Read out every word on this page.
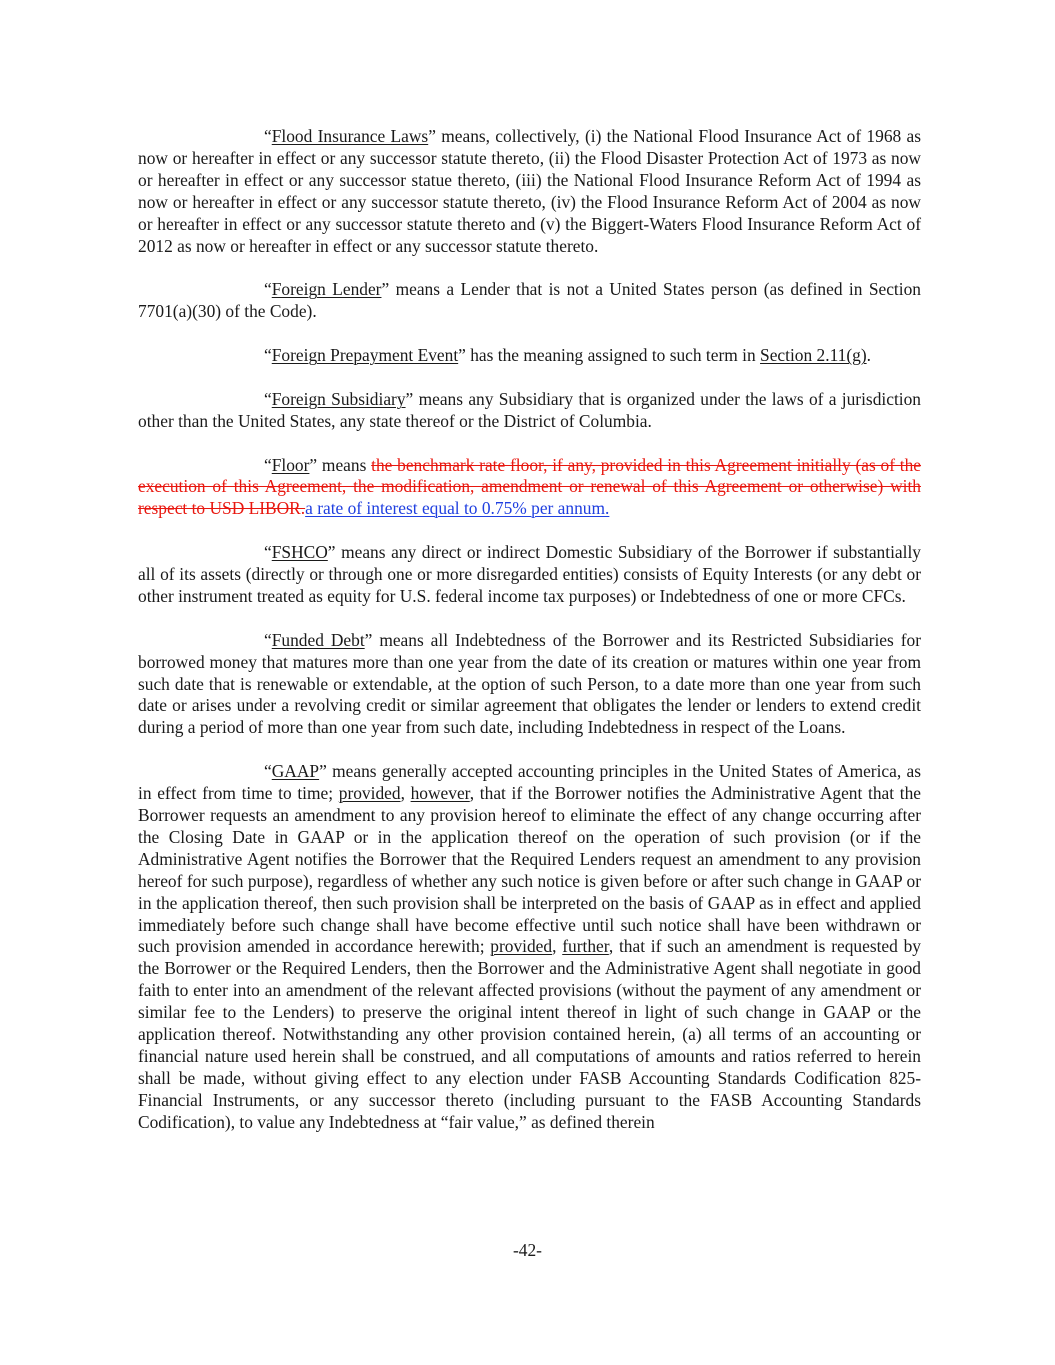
“Flood Insurance Laws” means, collectively, (i) the National Flood Insurance Act of 1968 as now or hereafter in effect or any successor statute thereto, (ii) the Flood Disaster Protection Act of 1973 as now or hereafter in effect or any successor statue thereto, (iii) the National Flood Insurance Reform Act of 1994 as now or hereafter in effect or any successor statute thereto, (iv) the Flood Insurance Reform Act of 2004 as now or hereafter in effect or any successor statute thereto and (v) the Biggert-Waters Flood Insurance Reform Act of 2012 as now or hereafter in effect or any successor statute thereto.

“Foreign Lender” means a Lender that is not a United States person (as defined in Section 7701(a)(30) of the Code).

“Foreign Prepayment Event” has the meaning assigned to such term in Section 2.11(g).

“Foreign Subsidiary” means any Subsidiary that is organized under the laws of a jurisdiction other than the United States, any state thereof or the District of Columbia.

“Floor” means the benchmark rate floor, if any, provided in this Agreement initially (as of the execution of this Agreement, the modification, amendment or renewal of this Agreement or otherwise) with respect to USD LIBOR.a rate of interest equal to 0.75% per annum.

“FSHCO” means any direct or indirect Domestic Subsidiary of the Borrower if substantially all of its assets (directly or through one or more disregarded entities) consists of Equity Interests (or any debt or other instrument treated as equity for U.S. federal income tax purposes) or Indebtedness of one or more CFCs.

“Funded Debt” means all Indebtedness of the Borrower and its Restricted Subsidiaries for borrowed money that matures more than one year from the date of its creation or matures within one year from such date that is renewable or extendable, at the option of such Person, to a date more than one year from such date or arises under a revolving credit or similar agreement that obligates the lender or lenders to extend credit during a period of more than one year from such date, including Indebtedness in respect of the Loans.

“GAAP” means generally accepted accounting principles in the United States of America, as in effect from time to time; provided, however, that if the Borrower notifies the Administrative Agent that the Borrower requests an amendment to any provision hereof to eliminate the effect of any change occurring after the Closing Date in GAAP or in the application thereof on the operation of such provision (or if the Administrative Agent notifies the Borrower that the Required Lenders request an amendment to any provision hereof for such purpose), regardless of whether any such notice is given before or after such change in GAAP or in the application thereof, then such provision shall be interpreted on the basis of GAAP as in effect and applied immediately before such change shall have become effective until such notice shall have been withdrawn or such provision amended in accordance herewith; provided, further, that if such an amendment is requested by the Borrower or the Required Lenders, then the Borrower and the Administrative Agent shall negotiate in good faith to enter into an amendment of the relevant affected provisions (without the payment of any amendment or similar fee to the Lenders) to preserve the original intent thereof in light of such change in GAAP or the application thereof. Notwithstanding any other provision contained herein, (a) all terms of an accounting or financial nature used herein shall be construed, and all computations of amounts and ratios referred to herein shall be made, without giving effect to any election under FASB Accounting Standards Codification 825-Financial Instruments, or any successor thereto (including pursuant to the FASB Accounting Standards Codification), to value any Indebtedness at “fair value,” as defined therein

-42-
